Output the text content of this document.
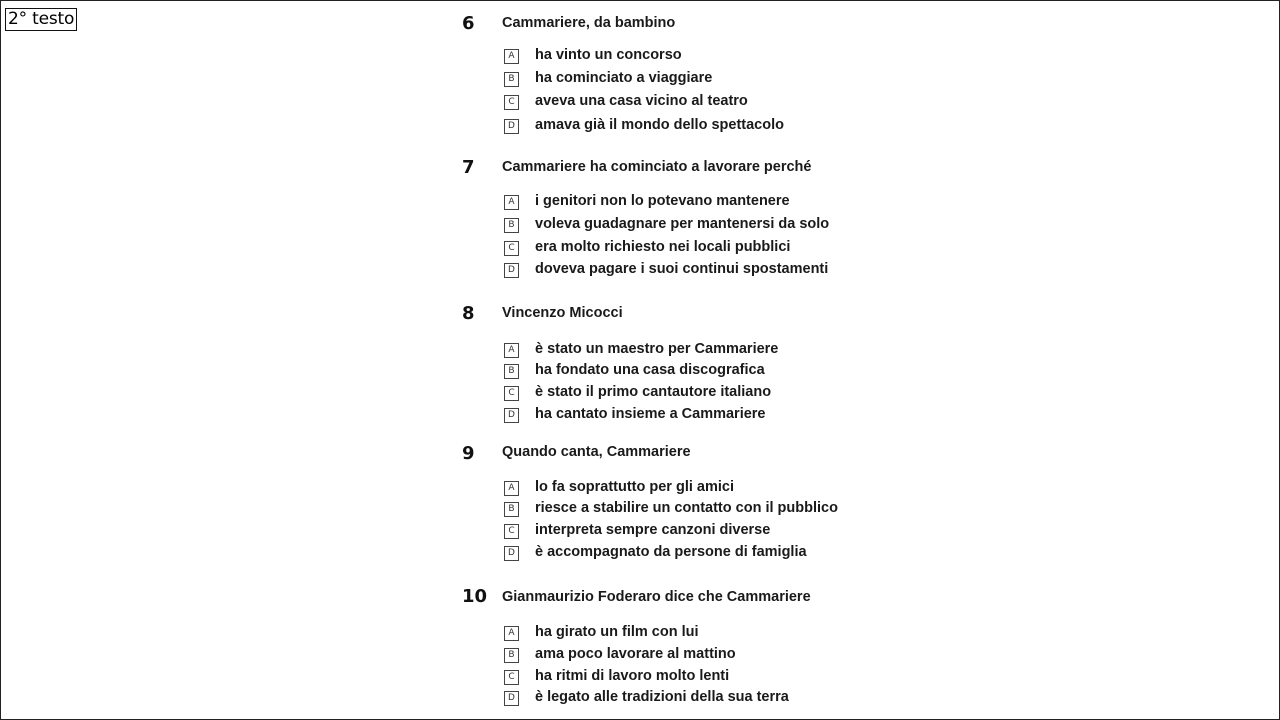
2° testo	6 Cammariere, da bambino
A	ha vinto un concorso
B	ha cominciato a viaggiare
C	aveva una casa vicino al teatro
D amava già il mondo dello spettacolo
7 Cammariere ha cominciato a lavorare perché
A	i genitori non lo potevano mantenere
B	voleva guadagnare per mantenersi da solo
C	era molto richiesto nei locali pubblici
D doveva pagare i suoi continui spostamenti
8 Vincenzo Micocci
A	è stato un maestro per Cammariere
B	ha fondato una casa discografica
C	è stato il primo cantautore italiano
D ha cantato insieme a Cammariere
9 Quando canta, Cammariere
A	lo fa soprattutto per gli amici
B	riesce a stabilire un contatto con il pubblico
C	interpreta sempre canzoni diverse
D è accompagnato da persone di famiglia
10 Gianmaurizio Foderaro dice che Cammariere
A	ha girato un film con lui
B	ama poco lavorare al mattino
C	ha ritmi di lavoro molto lenti
D è legato alle tradizioni della sua terra
